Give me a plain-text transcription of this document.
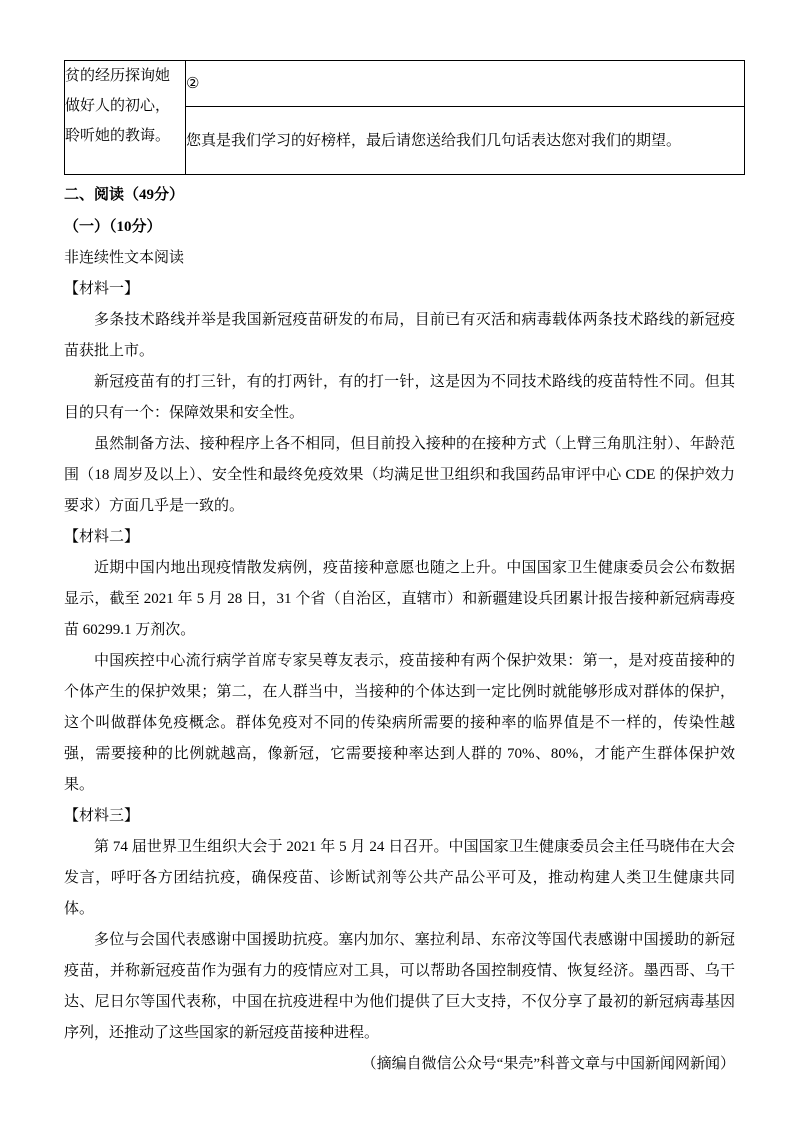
贫的经历探询她
做好人的初心，
聆听她的教诲。
	②
您真是我们学习的好榜样，最后请您送给我们几句话表达您对我们的期望。

二、阅读（49分）

（一）（10分）

非连续性文本阅读

【材料一】

多条技术路线并举是我国新冠疫苗研发的布局，目前已有灭活和病毒载体两条技术路线的新冠疫苗获批上市。

新冠疫苗有的打三针，有的打两针，有的打一针，这是因为不同技术路线的疫苗特性不同。但其目的只有一个：保障效果和安全性。

虽然制备方法、接种程序上各不相同，但目前投入接种的在接种方式（上臂三角肌注射）、年龄范围（18 周岁及以上）、安全性和最终免疫效果（均满足世卫组织和我国药品审评中心 CDE 的保护效力要求）方面几乎是一致的。

【材料二】

近期中国内地出现疫情散发病例，疫苗接种意愿也随之上升。中国国家卫生健康委员会公布数据显示，截至 2021 年 5 月 28 日，31 个省（自治区，直辖市）和新疆建设兵团累计报告接种新冠病毒疫苗 60299.1 万剂次。

中国疾控中心流行病学首席专家吴尊友表示，疫苗接种有两个保护效果：第一，是对疫苗接种的个体产生的保护效果；第二，在人群当中，当接种的个体达到一定比例时就能够形成对群体的保护，这个叫做群体免疫概念。群体免疫对不同的传染病所需要的接种率的临界值是不一样的，传染性越强，需要接种的比例就越高，像新冠，它需要接种率达到人群的 70%、80%，才能产生群体保护效果。

【材料三】

第 74 届世界卫生组织大会于 2021 年 5 月 24 日召开。中国国家卫生健康委员会主任马晓伟在大会发言，呼吁各方团结抗疫，确保疫苗、诊断试剂等公共产品公平可及，推动构建人类卫生健康共同体。

多位与会国代表感谢中国援助抗疫。塞内加尔、塞拉利昂、东帝汶等国代表感谢中国援助的新冠疫苗，并称新冠疫苗作为强有力的疫情应对工具，可以帮助各国控制疫情、恢复经济。墨西哥、乌干达、尼日尔等国代表称，中国在抗疫进程中为他们提供了巨大支持，不仅分享了最初的新冠病毒基因序列，还推动了这些国家的新冠疫苗接种进程。

（摘编自微信公众号“果壳”科普文章与中国新闻网新闻）
